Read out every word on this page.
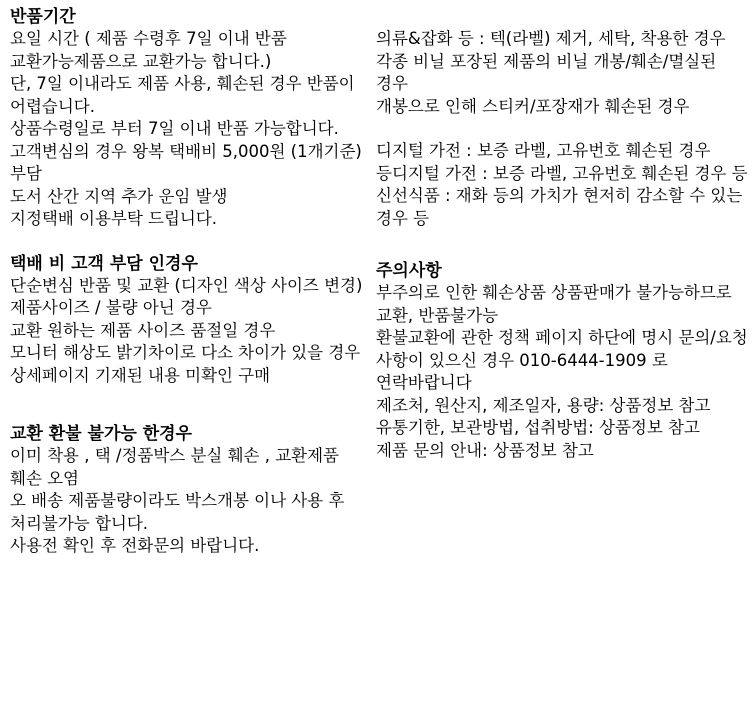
반품기간
요일 시간 ( 제품 수령후 7일 이내 반품 교환가능제품으로 교환가능 합니다.)
단, 7일 이내라도 제품 사용, 훼손된 경우 반품이 어렵습니다.
상품수령일로 부터 7일 이내 반품 가능합니다.
고객변심의 경우 왕복 택배비 5,000원 (1개기준) 부담
도서 산간 지역 추가 운임 발생
지정택배 이용부탁 드립니다.
택배 비 고객 부담 인경우
단순변심 반품 및 교환 (디자인 색상 사이즈 변경)
제품사이즈 / 불량 아닌 경우
교환 원하는 제품 사이즈 품절일 경우
모니터 해상도 밝기차이로 다소 차이가 있을 경우
상세페이지 기재된 내용 미확인 구매
교환 환불 불가능 한경우
이미 착용 , 택 /정품박스 분실 훼손 , 교환제품 훼손 오염
오 배송 제품불량이라도 박스개봉 이나 사용 후 처리불가능 합니다.
사용전 확인 후 전화문의 바랍니다.
의류&잡화 등 : 텍(라벨) 제거, 세탁, 착용한 경우
각종 비닐 포장된 제품의 비닐 개봉/훼손/멸실된 경우
개봉으로 인해 스티커/포장재가 훼손된 경우
디지털 가전 : 보증 라벨, 고유번호 훼손된 경우 등디지털 가전 : 보증 라벨, 고유번호 훼손된 경우 등
신선식품 : 재화 등의 가치가 현저히 감소할 수 있는 경우 등
주의사항
부주의로 인한 훼손상품 상품판매가 불가능하므로 교환, 반품불가능
환불교환에 관한 정책 페이지 하단에 명시 문의/요청 사항이 있으신 경우 010-6444-1909 로 연락바랍니다
제조처, 원산지, 제조일자, 용량: 상품정보 참고
유통기한, 보관방법, 섭취방법: 상품정보 참고
제품 문의 안내: 상품정보 참고
